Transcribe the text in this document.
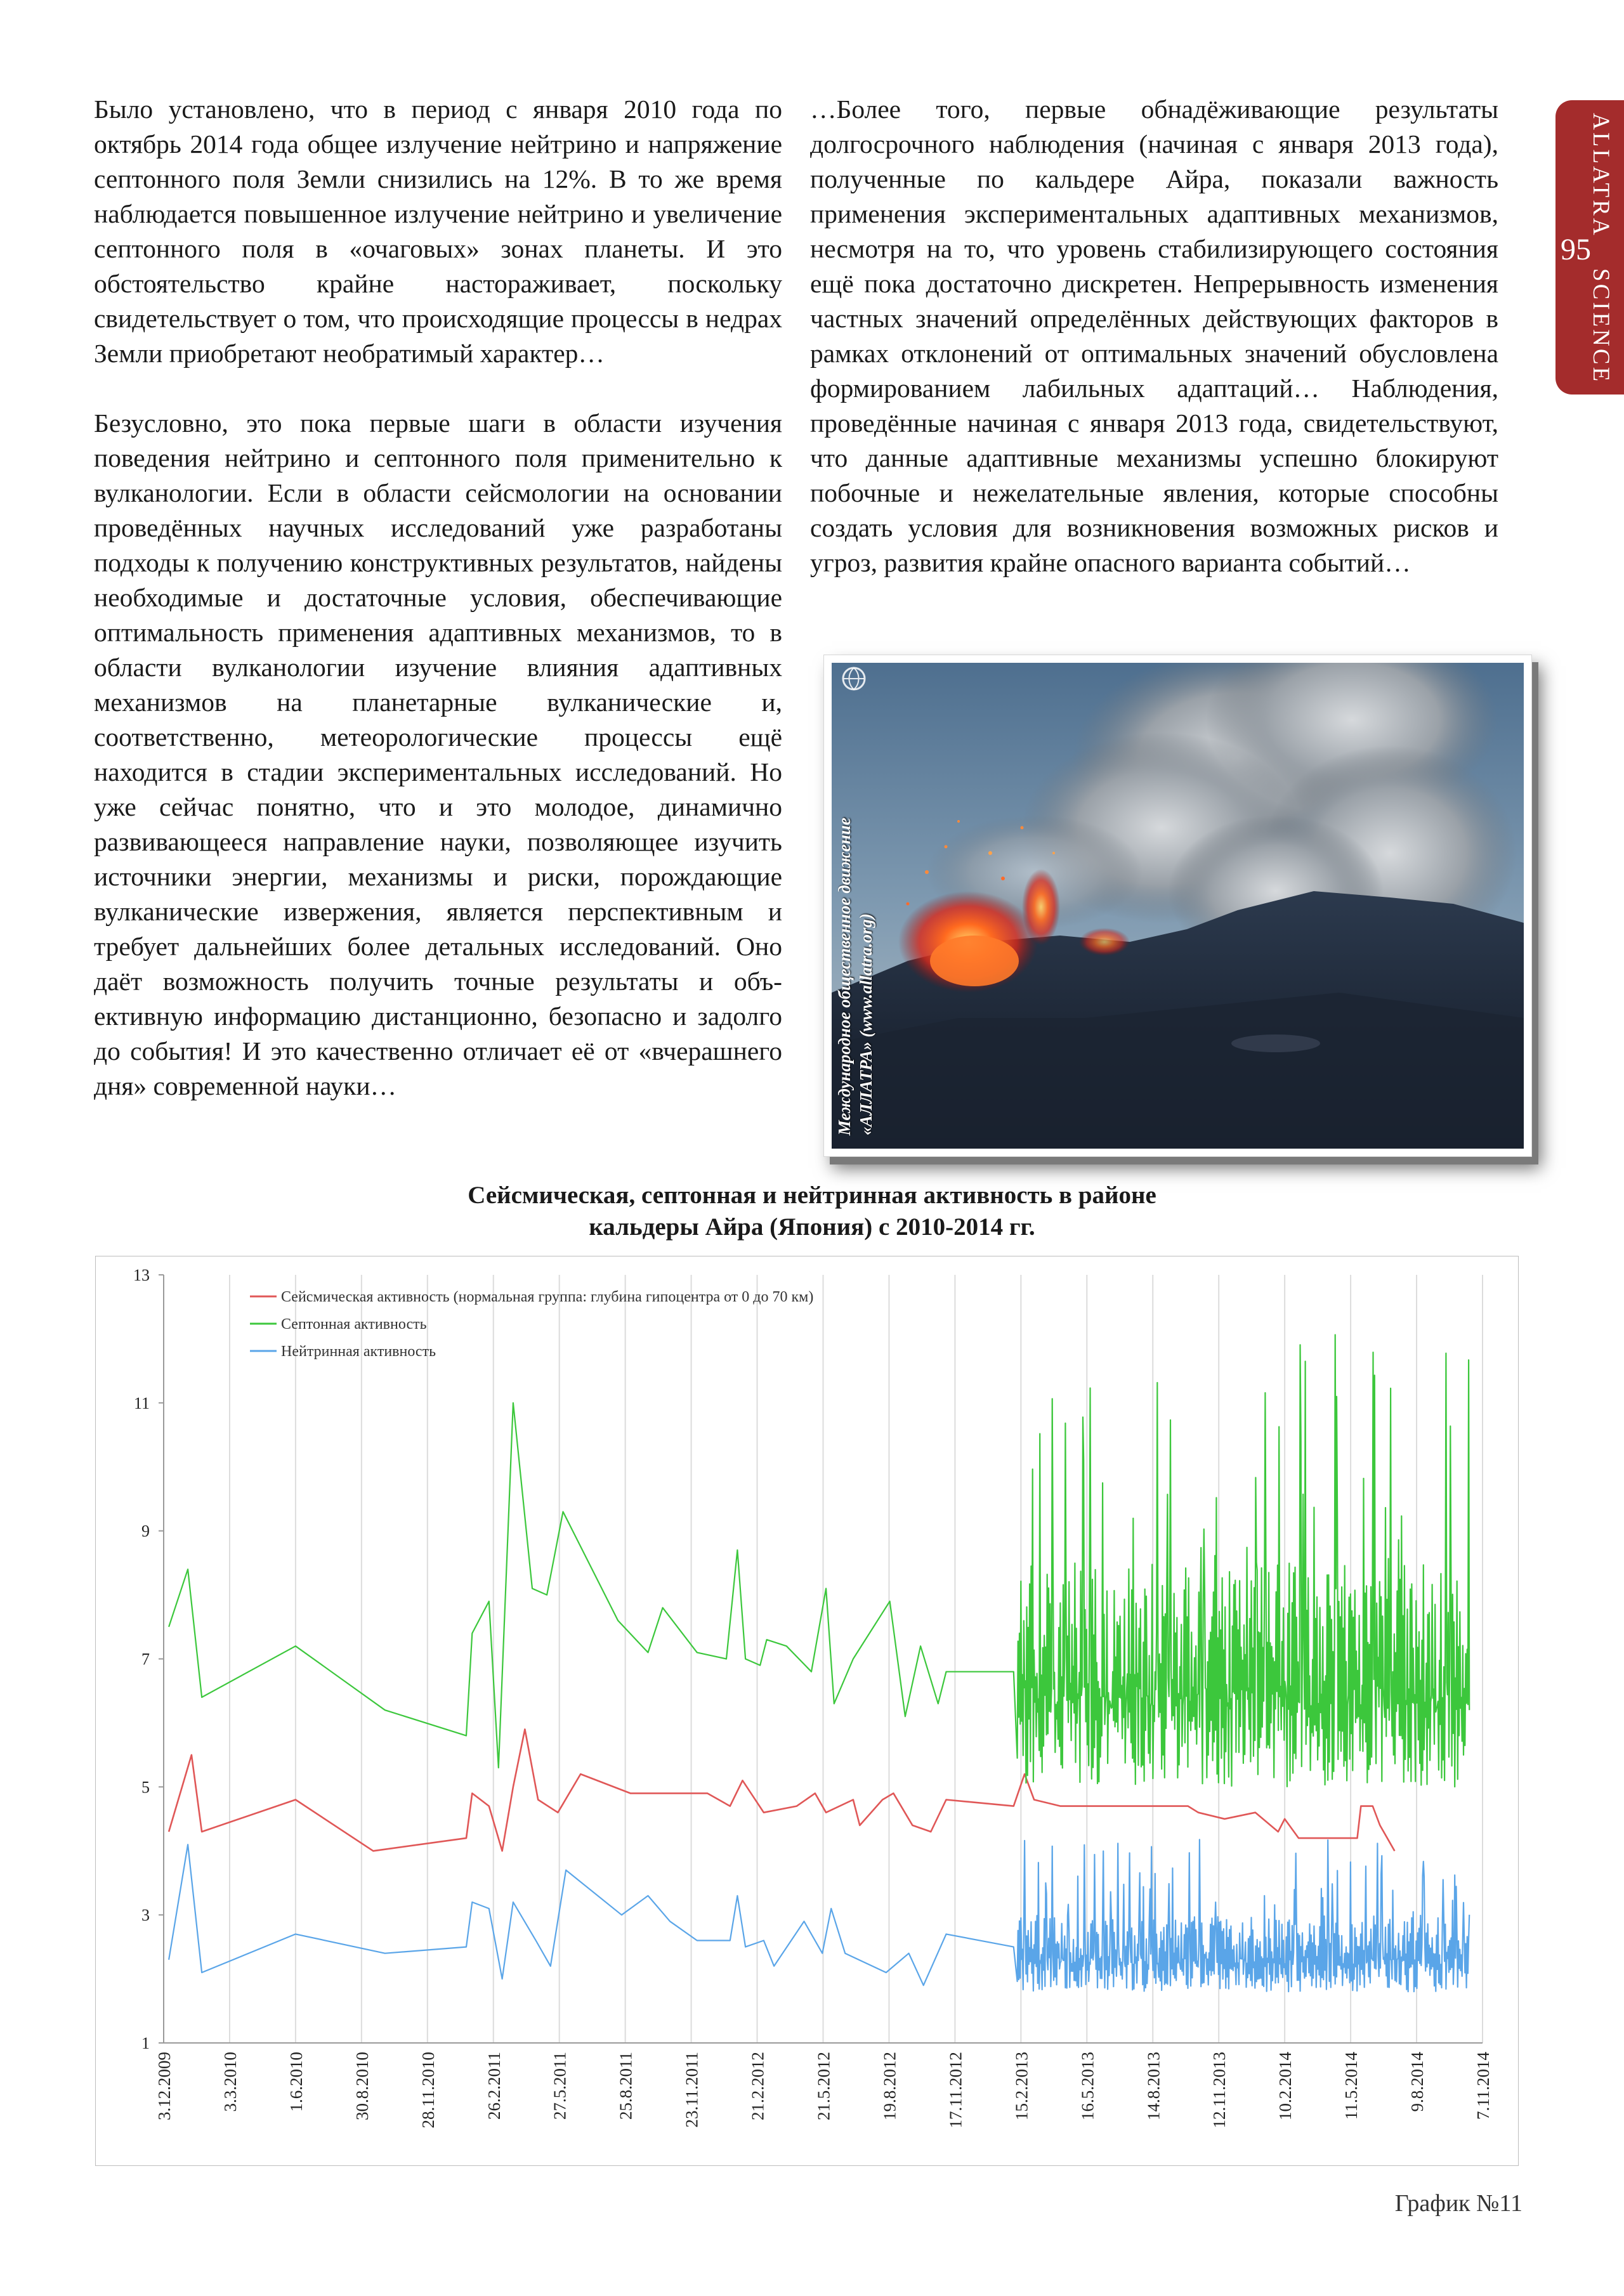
Было установлено, что в период с января 2010 года по октябрь 2014 года общее излучение нейтрино и напряжение септонного поля Земли снизились на 12%. В то же время наблюдается повышенное излучение нейтрино и увеличение септонного поля в «очаговых» зонах планеты. И это обстоятельство крайне настораживает, поскольку свидетельствует о том, что происходящие процессы в недрах Земли приобретают необратимый характер…

Безусловно, это пока первые шаги в области изучения поведения нейтрино и септонного поля применительно к вулканологии. Если в области сейсмологии на основании проведённых научных исследований уже разработаны подходы к получению конструктивных результатов, найдены необходимые и достаточные условия, обеспечивающие оптимальность применения адаптивных механизмов, то в области вулканологии изучение влияния адаптивных механизмов на планетарные вулканические и, соответственно, метеорологические процессы ещё находится в стадии экспериментальных исследований. Но уже сейчас понятно, что и это молодое, динамично развивающееся направление науки, позволяющее изучить источники энергии, механизмы и риски, порождающие вулканические извержения, является перспективным и требует дальнейших более детальных исследований. Оно даёт возможность получить точные результаты и объективную информацию дистанционно, безопасно и задолго до события! И это качественно отличает её от «вчерашнего дня» современной науки…

…Более того, первые обнадёживающие результаты долгосрочного наблюдения (начиная с января 2013 года), полученные по кальдере Айра, показали важность применения экспериментальных адаптивных механизмов, несмотря на то, что уровень стабилизирующего состояния ещё пока достаточно дискретен. Непрерывность изменения частных значений определённых действующих факторов в рамках отклонений от оптимальных значений обусловлена формированием лабильных адаптаций… Наблюдения, проведённые начиная с января 2013 года, свидетельствуют, что данные адаптивные механизмы успешно блокируют побочные и нежелательные явления, которые способны создать условия для возникновения возможных рисков и угроз, развития крайне опасного варианта событий…

ALLATRA
95
SCIENCE
Международное общественное движение «АЛЛАТРА» (www.allatra.org)
Сейсмическая, септонная и нейтринная активность в районе
кальдеры Айра (Япония) с 2010-2014 гг.
3.12.2009	3.3.2010	1.6.2010	30.8.2010	28.11.2010	26.2.2011	27.5.2011	25.8.2011	23.11.2011	21.2.2012	21.5.2012	19.8.2012	17.11.2012	15.2.2013	16.5.2013	14.8.2013	12.11.2013	10.2.2014	11.5.2014	9.8.2014	7.11.2014
1
3
5
7
9
11
13
Сейсмическая активность (нормальная группа: глубина гипоцентра от 0 до 70 км)
Септонная активность
Нейтринная активность
График №11
